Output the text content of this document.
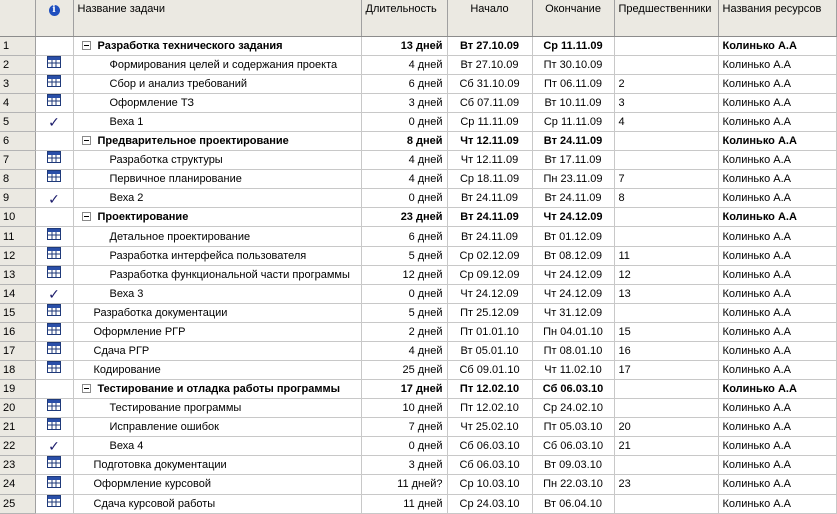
	i	Название задачи	Длительность	Начало	Окончание	Предшественники	Названия ресурсов
1		Разработка технического задания	13 дней	Вт 27.10.09	Ср 11.11.09		Колинько А.А
2		Формирования целей и содержания проекта	4 дней	Вт 27.10.09	Пт 30.10.09		Колинько А.А
3		Сбор и анализ требований	6 дней	Сб 31.10.09	Пт 06.11.09	2	Колинько А.А
4		Оформление ТЗ	3 дней	Сб 07.11.09	Вт 10.11.09	3	Колинько А.А
5	✓	Веха 1	0 дней	Ср 11.11.09	Ср 11.11.09	4	Колинько А.А
6		Предварительное проектирование	8 дней	Чт 12.11.09	Вт 24.11.09		Колинько А.А
7		Разработка структуры	4 дней	Чт 12.11.09	Вт 17.11.09		Колинько А.А
8		Первичное планирование	4 дней	Ср 18.11.09	Пн 23.11.09	7	Колинько А.А
9	✓	Веха 2	0 дней	Вт 24.11.09	Вт 24.11.09	8	Колинько А.А
10		Проектирование	23 дней	Вт 24.11.09	Чт 24.12.09		Колинько А.А
11		Детальное проектирование	6 дней	Вт 24.11.09	Вт 01.12.09		Колинько А.А
12		Разработка интерфейса пользователя	5 дней	Ср 02.12.09	Вт 08.12.09	11	Колинько А.А
13		Разработка функциональной части программы	12 дней	Ср 09.12.09	Чт 24.12.09	12	Колинько А.А
14	✓	Веха 3	0 дней	Чт 24.12.09	Чт 24.12.09	13	Колинько А.А
15		Разработка документации	5 дней	Пт 25.12.09	Чт 31.12.09		Колинько А.А
16		Оформление РГР	2 дней	Пт 01.01.10	Пн 04.01.10	15	Колинько А.А
17		Сдача РГР	4 дней	Вт 05.01.10	Пт 08.01.10	16	Колинько А.А
18		Кодирование	25 дней	Сб 09.01.10	Чт 11.02.10	17	Колинько А.А
19		Тестирование и отладка работы программы	17 дней	Пт 12.02.10	Сб 06.03.10		Колинько А.А
20		Тестирование программы	10 дней	Пт 12.02.10	Ср 24.02.10		Колинько А.А
21		Исправление ошибок	7 дней	Чт 25.02.10	Пт 05.03.10	20	Колинько А.А
22	✓	Веха 4	0 дней	Сб 06.03.10	Сб 06.03.10	21	Колинько А.А
23		Подготовка документации	3 дней	Сб 06.03.10	Вт 09.03.10		Колинько А.А
24		Оформление курсовой	11 дней?	Ср 10.03.10	Пн 22.03.10	23	Колинько А.А
25		Сдача курсовой работы	11 дней	Ср 24.03.10	Вт 06.04.10		Колинько А.А
